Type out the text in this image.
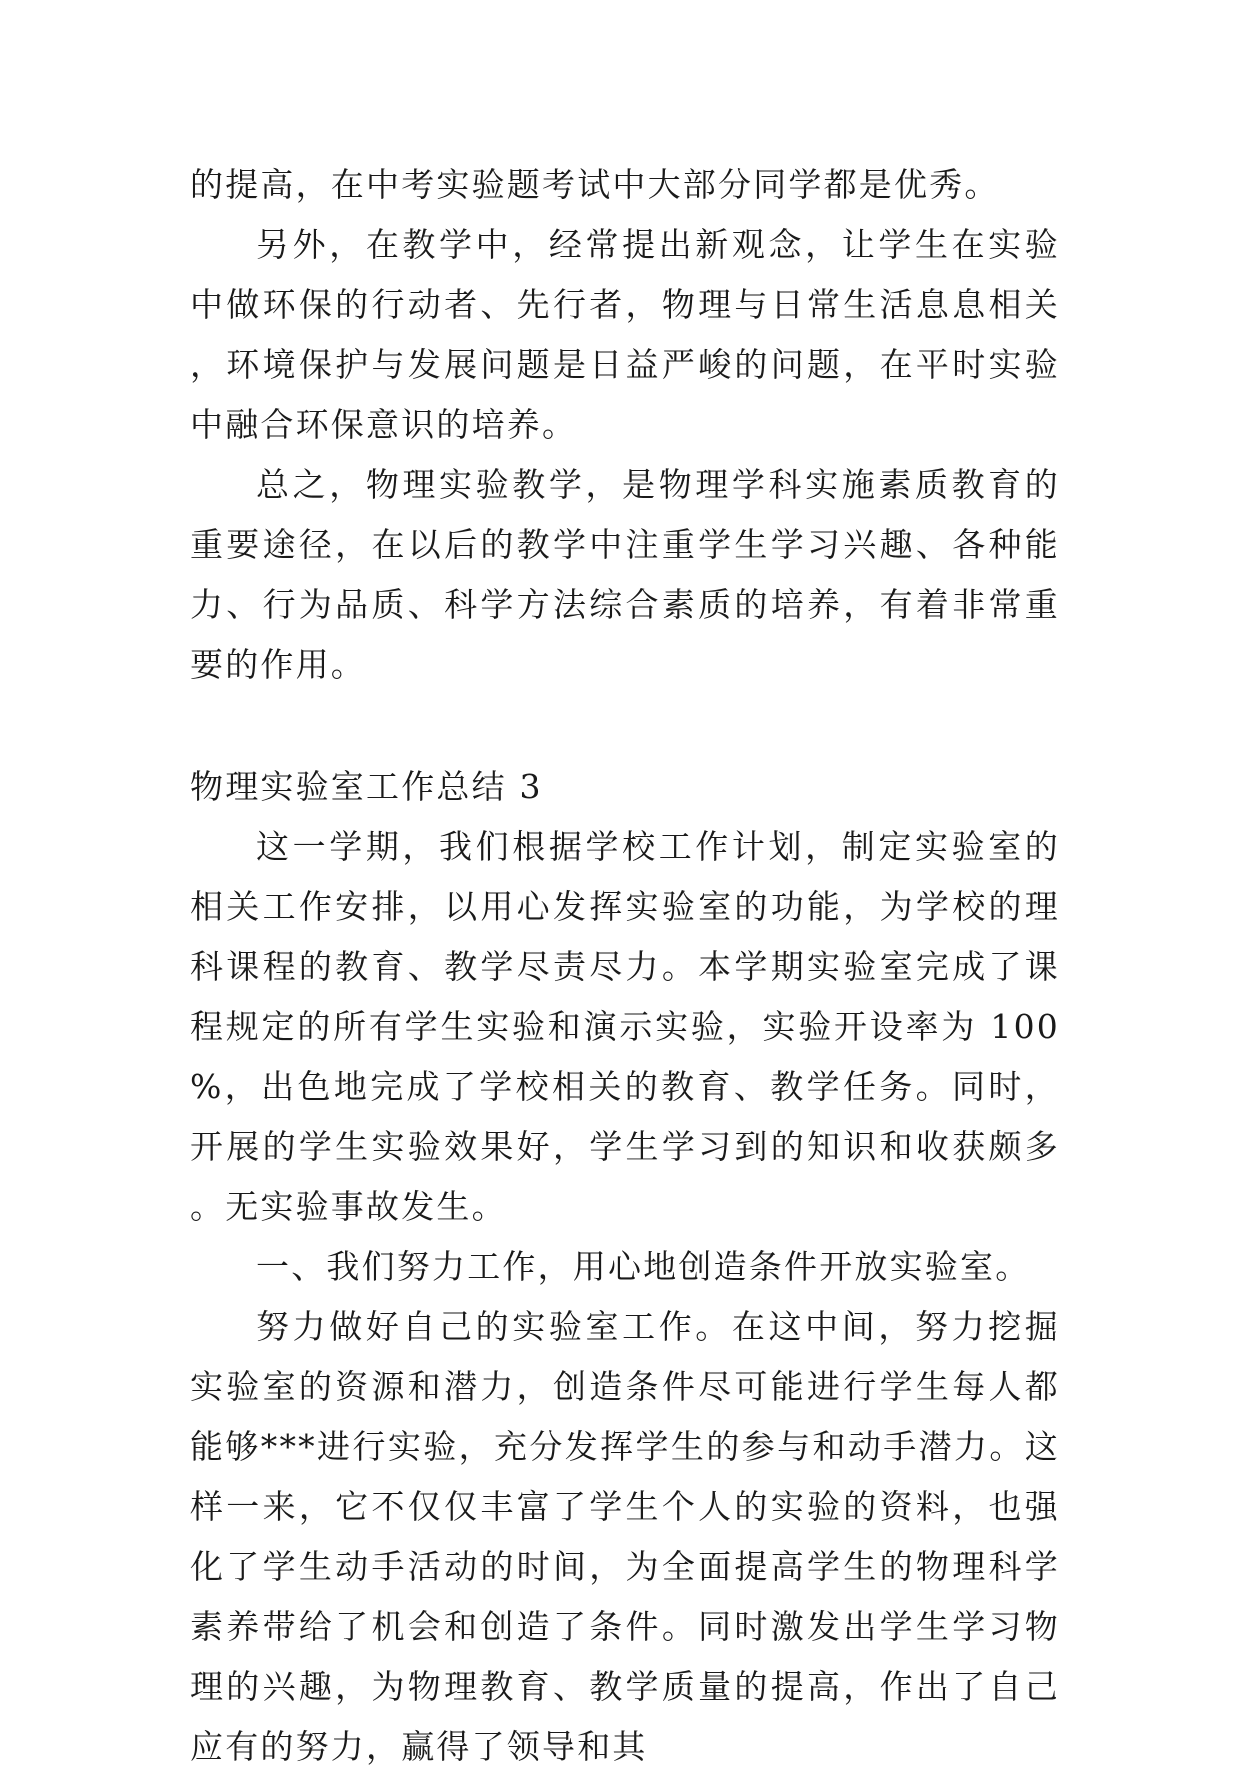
的提高，在中考实验题考试中大部分同学都是优秀。

另外，在教学中，经常提出新观念，让学生在实验中做环保的行动者、先行者，物理与日常生活息息相关，环境保护与发展问题是日益严峻的问题，在平时实验中融合环保意识的培养。

总之，物理实验教学，是物理学科实施素质教育的重要途径，在以后的教学中注重学生学习兴趣、各种能力、行为品质、科学方法综合素质的培养，有着非常重要的作用。

物理实验室工作总结 3

这一学期，我们根据学校工作计划，制定实验室的相关工作安排，以用心发挥实验室的功能，为学校的理科课程的教育、教学尽责尽力。本学期实验室完成了课程规定的所有学生实验和演示实验，实验开设率为 100%，出色地完成了学校相关的教育、教学任务。同时，开展的学生实验效果好，学生学习到的知识和收获颇多。无实验事故发生。

一、我们努力工作，用心地创造条件开放实验室。

努力做好自己的实验室工作。在这中间，努力挖掘实验室的资源和潜力，创造条件尽可能进行学生每人都能够***进行实验，充分发挥学生的参与和动手潜力。这样一来，它不仅仅丰富了学生个人的实验的资料，也强化了学生动手活动的时间，为全面提高学生的物理科学素养带给了机会和创造了条件。同时激发出学生学习物理的兴趣，为物理教育、教学质量的提高，作出了自己应有的努力，赢得了领导和其
